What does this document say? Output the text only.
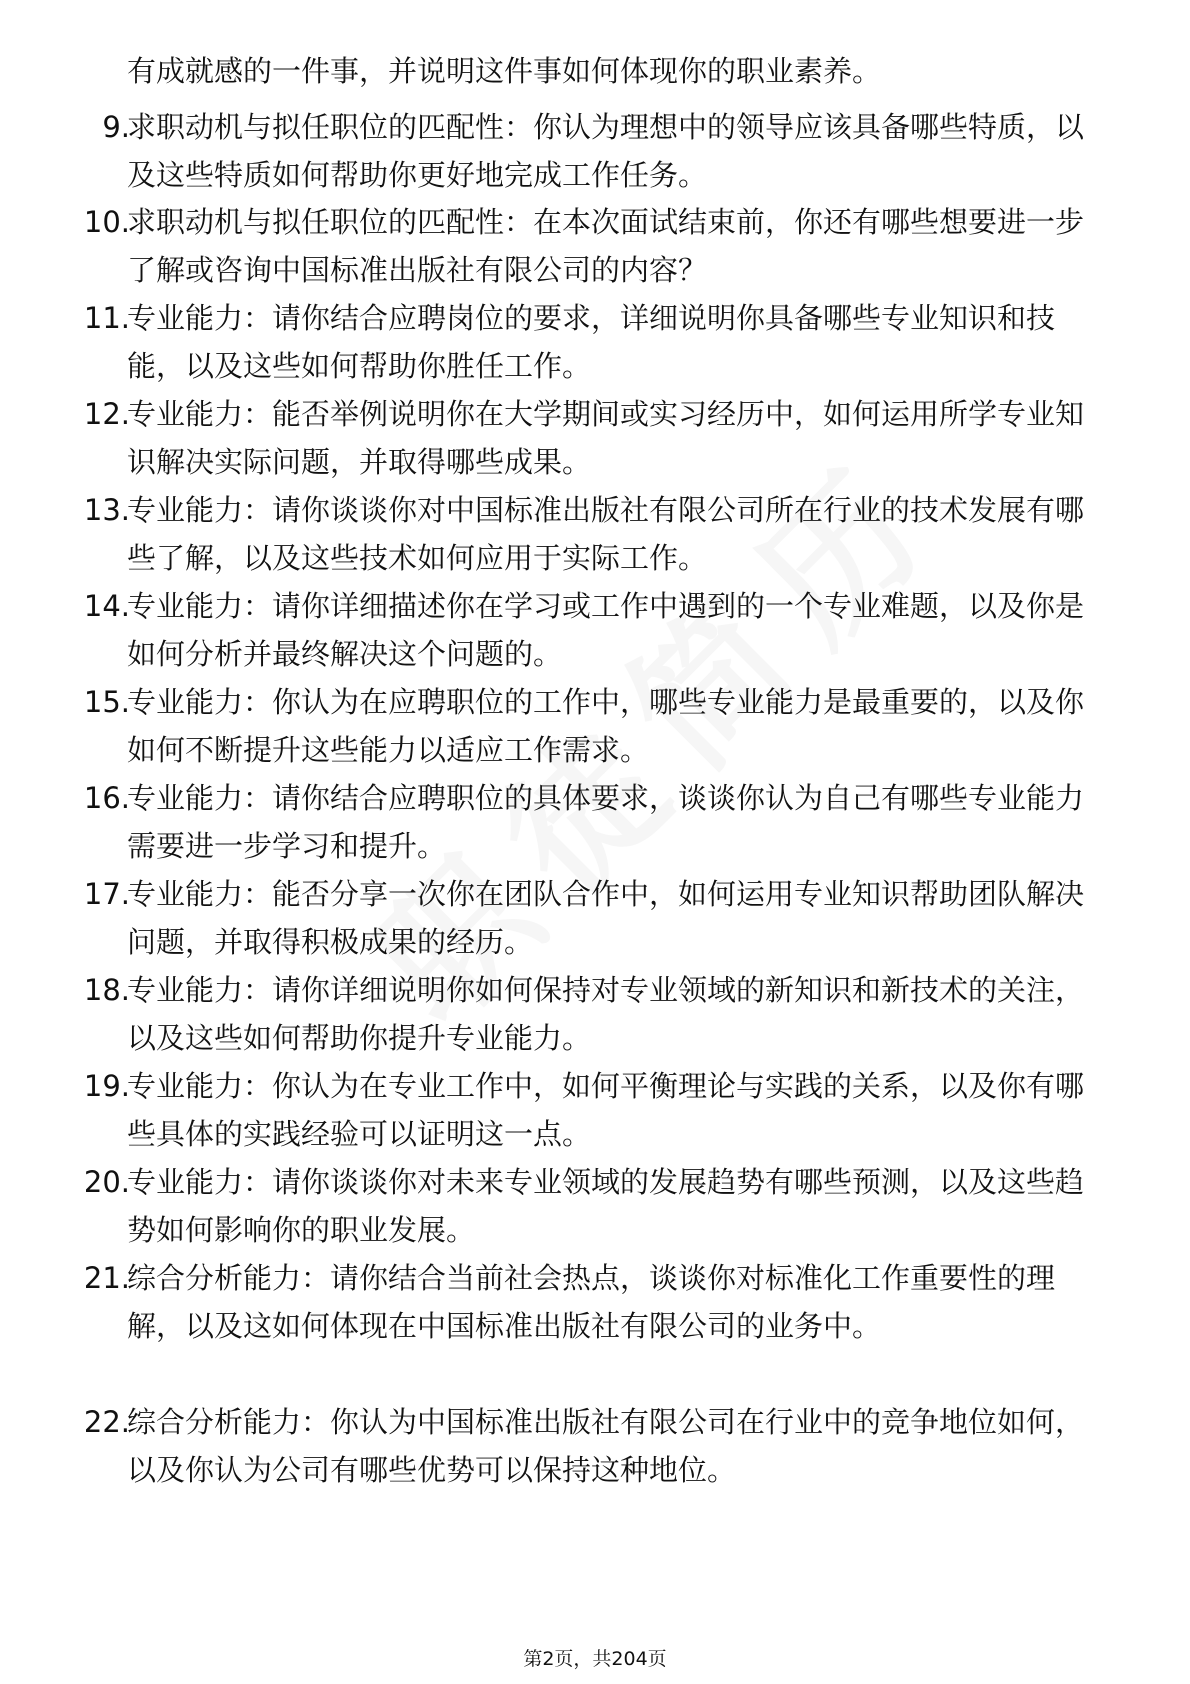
有成就感的一件事，并说明这件事如何体现你的职业素养。
9.
求职动机与拟任职位的匹配性：你认为理想中的领导应该具备哪些特质，以及这些特质如何帮助你更好地完成工作任务。
10.
求职动机与拟任职位的匹配性：在本次面试结束前，你还有哪些想要进一步了解或咨询中国标准出版社有限公司的内容？
11.
专业能力：请你结合应聘岗位的要求，详细说明你具备哪些专业知识和技能，以及这些如何帮助你胜任工作。
12.
专业能力：能否举例说明你在大学期间或实习经历中，如何运用所学专业知识解决实际问题，并取得哪些成果。
13.
专业能力：请你谈谈你对中国标准出版社有限公司所在行业的技术发展有哪些了解，以及这些技术如何应用于实际工作。
14.
专业能力：请你详细描述你在学习或工作中遇到的一个专业难题，以及你是如何分析并最终解决这个问题的。
15.
专业能力：你认为在应聘职位的工作中，哪些专业能力是最重要的，以及你如何不断提升这些能力以适应工作需求。
16.
专业能力：请你结合应聘职位的具体要求，谈谈你认为自己有哪些专业能力需要进一步学习和提升。
17.
专业能力：能否分享一次你在团队合作中，如何运用专业知识帮助团队解决问题，并取得积极成果的经历。
18.
专业能力：请你详细说明你如何保持对专业领域的新知识和新技术的关注，以及这些如何帮助你提升专业能力。
19.
专业能力：你认为在专业工作中，如何平衡理论与实践的关系，以及你有哪些具体的实践经验可以证明这一点。
20.
专业能力：请你谈谈你对未来专业领域的发展趋势有哪些预测，以及这些趋势如何影响你的职业发展。
21.
综合分析能力：请你结合当前社会热点，谈谈你对标准化工作重要性的理解，以及这如何体现在中国标准出版社有限公司的业务中。
22.
综合分析能力：你认为中国标准出版社有限公司在行业中的竞争地位如何，以及你认为公司有哪些优势可以保持这种地位。
第2页，共204页
